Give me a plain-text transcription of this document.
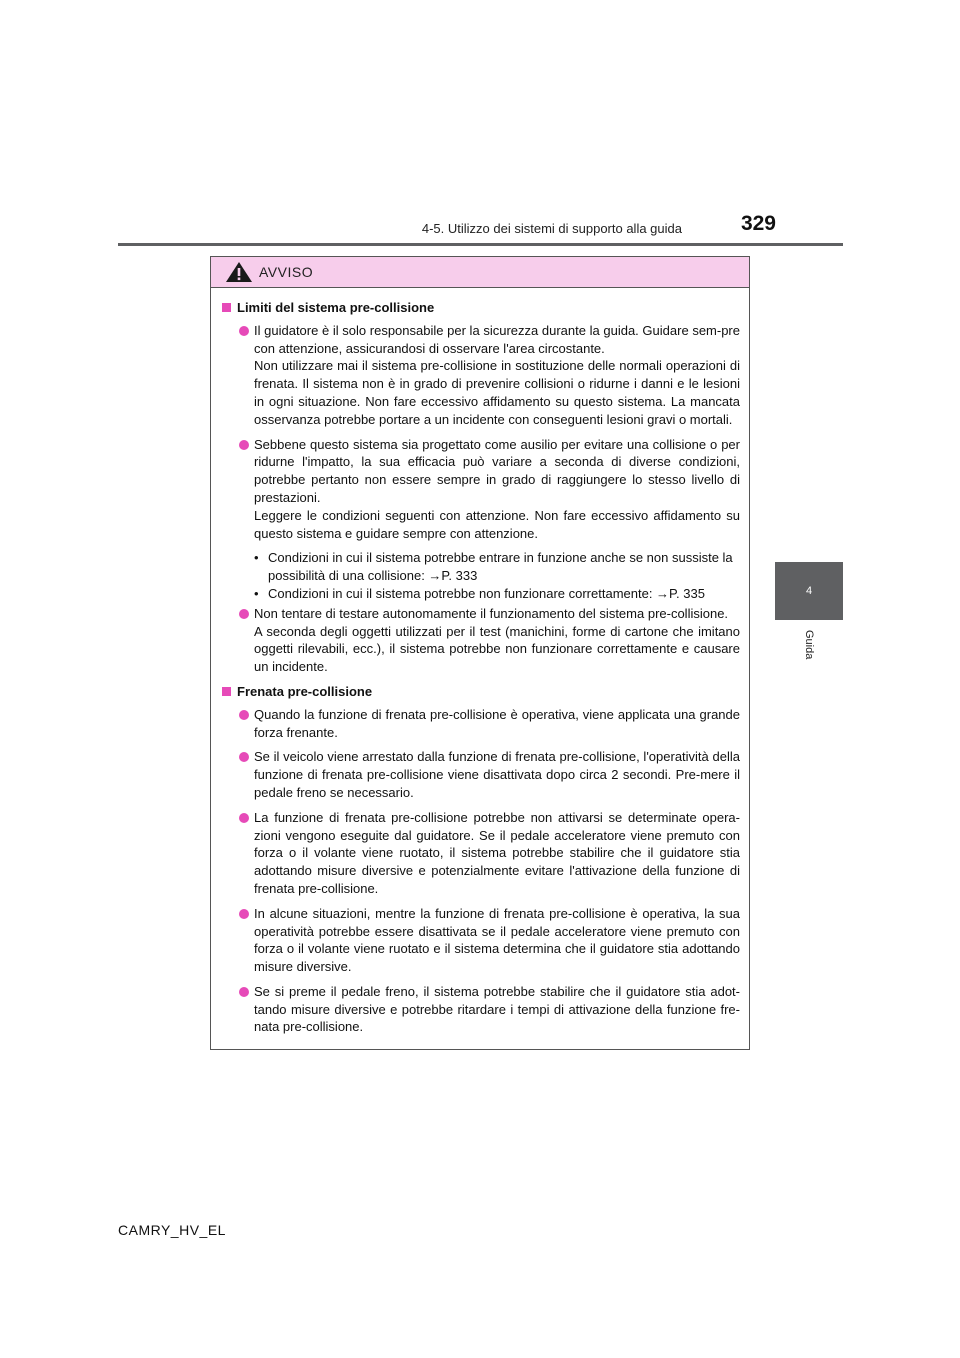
4-5. Utilizzo dei sistemi di supporto alla guida	329
4
Guida
AVVISO
Limiti del sistema pre-collisione

Il guidatore è il solo responsabile per la sicurezza durante la guida. Guidare sem-pre con attenzione, assicurandosi di osservare l'area circostante.

Non utilizzare mai il sistema pre-collisione in sostituzione delle normali operazioni di frenata. Il sistema non è in grado di prevenire collisioni o ridurne i danni e le lesioni in ogni situazione. Non fare eccessivo affidamento su questo sistema. La mancata osservanza potrebbe portare a un incidente con conseguenti lesioni gravi o mortali.

Sebbene questo sistema sia progettato come ausilio per evitare una collisione o per ridurne l'impatto, la sua efficacia può variare a seconda di diverse condizioni, potrebbe pertanto non essere sempre in grado di raggiungere lo stesso livello di prestazioni.

Leggere le condizioni seguenti con attenzione. Non fare eccessivo affidamento su questo sistema e guidare sempre con attenzione.

• Condizioni in cui il sistema potrebbe entrare in funzione anche se non sussiste la possibilità di una collisione: →P. 333
• Condizioni in cui il sistema potrebbe non funzionare correttamente: →P. 335

Non tentare di testare autonomamente il funzionamento del sistema pre-collisione.

A seconda degli oggetti utilizzati per il test (manichini, forme di cartone che imitano oggetti rilevabili, ecc.), il sistema potrebbe non funzionare correttamente e causare un incidente.

Frenata pre-collisione

Quando la funzione di frenata pre-collisione è operativa, viene applicata una grande forza frenante.

Se il veicolo viene arrestato dalla funzione di frenata pre-collisione, l'operatività della funzione di frenata pre-collisione viene disattivata dopo circa 2 secondi. Pre-mere il pedale freno se necessario.

La funzione di frenata pre-collisione potrebbe non attivarsi se determinate opera-zioni vengono eseguite dal guidatore. Se il pedale acceleratore viene premuto con forza o il volante viene ruotato, il sistema potrebbe stabilire che il guidatore stia adottando misure diversive e potenzialmente evitare l'attivazione della funzione di frenata pre-collisione.

In alcune situazioni, mentre la funzione di frenata pre-collisione è operativa, la sua operatività potrebbe essere disattivata se il pedale acceleratore viene premuto con forza o il volante viene ruotato e il sistema determina che il guidatore stia adottando misure diversive.

Se si preme il pedale freno, il sistema potrebbe stabilire che il guidatore stia adot-tando misure diversive e potrebbe ritardare i tempi di attivazione della funzione fre-nata pre-collisione.

CAMRY_HV_EL
